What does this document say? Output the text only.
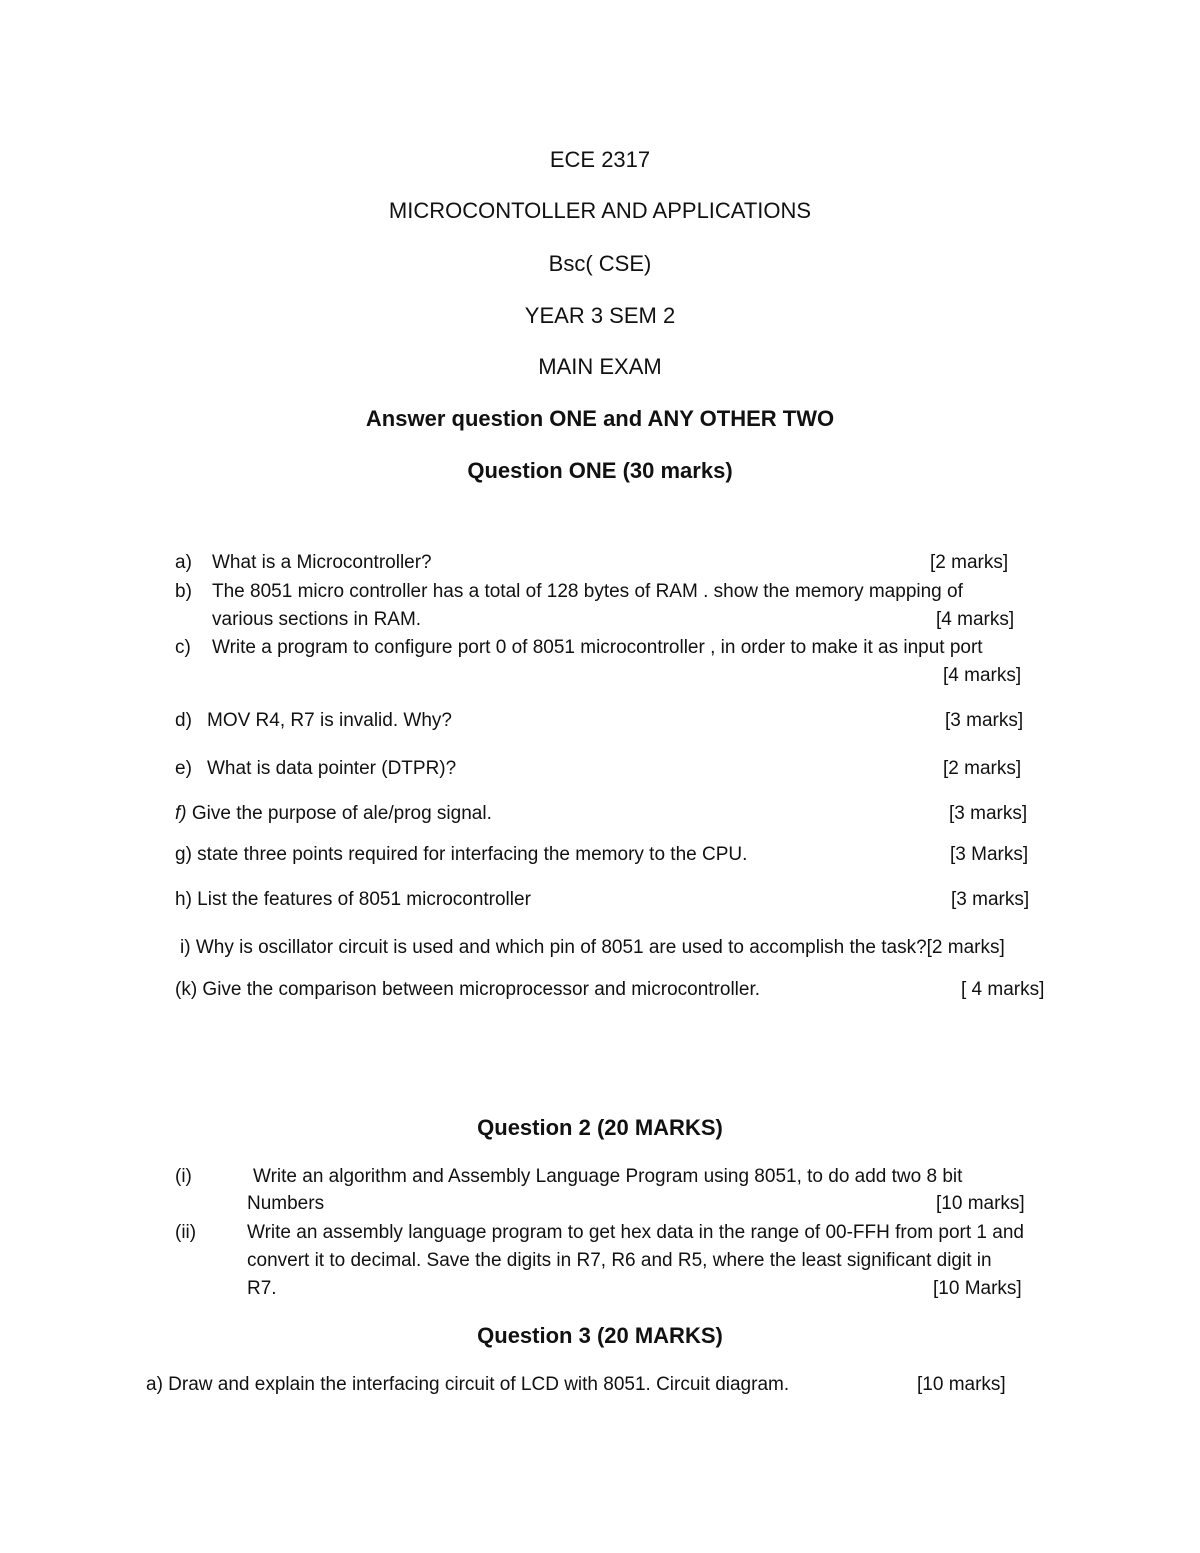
ECE 2317
MICROCONTOLLER AND APPLICATIONS
Bsc( CSE)
YEAR 3 SEM 2
MAIN EXAM
Answer question ONE and ANY OTHER TWO
Question ONE (30 marks)
a) What is a Microcontroller?	[2 marks]
b) The 8051 micro controller has a total of 128 bytes of RAM . show the memory mapping of
various sections in RAM.	[4 marks]
c) Write a program to configure port 0 of 8051 microcontroller , in order to make it as input port
[4 marks]
d) MOV R4, R7 is invalid. Why?	[3 marks]
e) What is data pointer (DTPR)?	[2 marks]
f) Give the purpose of ale/prog signal.	[3 marks]
g) state three points required for interfacing the memory to the CPU.	[3 Marks]
h) List the features of 8051 microcontroller	[3 marks]
i) Why is oscillator circuit is used and which pin of 8051 are used to accomplish the task?[2 marks]
(k) Give the comparison between microprocessor and microcontroller.	[ 4 marks]
Question 2 (20 MARKS)
(i)	Write an algorithm and Assembly Language Program using 8051, to do add two 8 bit
Numbers	[10 marks]
(ii)	Write an assembly language program to get hex data in the range of 00-FFH from port 1 and
convert it to decimal. Save the digits in R7, R6 and R5, where the least significant digit in
R7.	[10 Marks]
Question 3 (20 MARKS)
a) Draw and explain the interfacing circuit of LCD with 8051. Circuit diagram.	[10 marks]
